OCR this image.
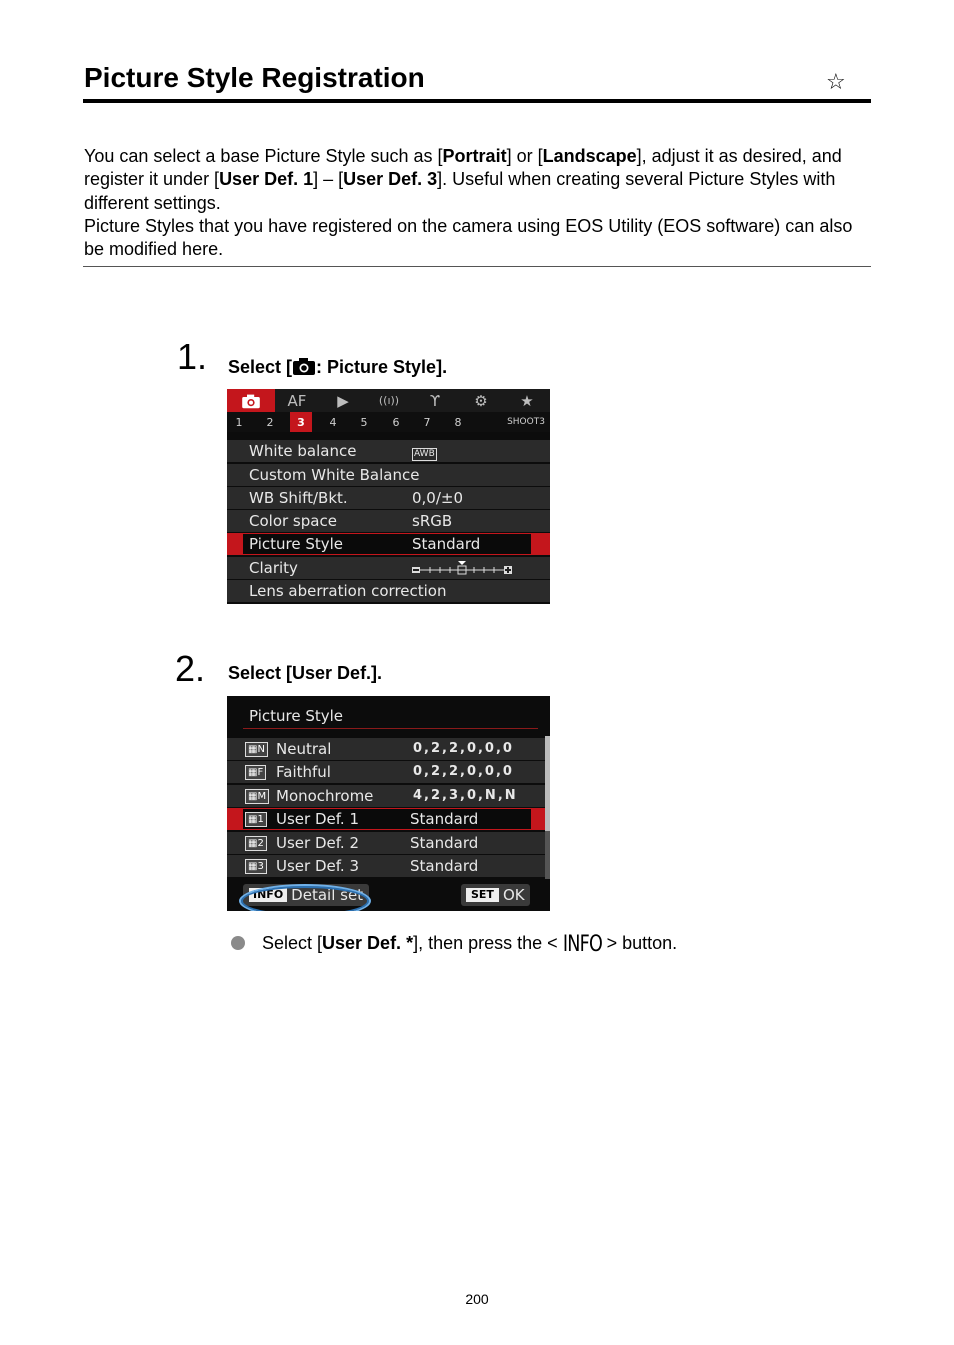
Picture Style Registration	☆
You can select a base Picture Style such as [Portrait] or [Landscape], adjust it as desired, and register it under [User Def. 1] – [User Def. 3]. Useful when creating several Picture Styles with different settings.
Picture Styles that you have registered on the camera using EOS Utility (EOS software) can also be modified here.
1 . Select [ : Picture Style].
AF	▶	((ı))	ϒ	⚙	★
1	2	3	4	5	6	7	8	SHOOT3
White balance	AWB
Custom White Balance
WB Shift/Bkt.	0,0/±0
Color space	sRGB
Picture Style	Standard
Clarity
Lens aberration correction
2 . Select [User Def.].
Picture Style
▦N Neutral	0,2,2,0,0,0
▦F Faithful	0,2,2,0,0,0
▦M Monochrome	4,2,3,0,N,N
▦1 User Def. 1	Standard
▦2 User Def. 2	Standard
▦3 User Def. 3	Standard
INFO Detail set	SET OK
Select [User Def. *], then press the < INFO > button.
200
